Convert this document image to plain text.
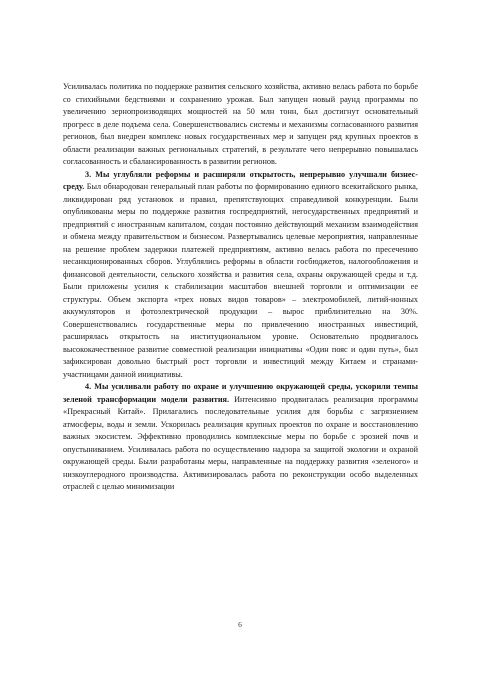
Усиливалась политика по поддержке развития сельского хозяйства, активно велась работа по борьбе со стихийными бедствиями и сохранению урожая. Был запущен новый раунд программы по увеличению зернопроизводящих мощностей на 50 млн тонн, был достигнут основательный прогресс в деле подъема села. Совершенствовались системы и механизмы согласованного развития регионов, был внедрен комплекс новых государственных мер и запущен ряд крупных проектов в области реализации важных региональных стратегий, в результате чего непрерывно повышалась согласованность и сбалансированность в развитии регионов.

3. Мы углубляли реформы и расширяли открытость, непрерывно улучшали бизнес-среду. Был обнародован генеральный план работы по формированию единого всекитайского рынка, ликвидирован ряд установок и правил, препятствующих справедливой конкуренции. Были опубликованы меры по поддержке развития госпредприятий, негосударственных предприятий и предприятий с иностранным капиталом, создан постоянно действующий механизм взаимодействия и обмена между правительством и бизнесом. Развертывались целевые мероприятия, направленные на решение проблем задержки платежей предприятиям, активно велась работа по пресечению несанкционированных сборов. Углублялись реформы в области госбюджетов, налогообложения и финансовой деятельности, сельского хозяйства и развития села, охраны окружающей среды и т.д. Были приложены усилия к стабилизации масштабов внешней торговли и оптимизации ее структуры. Объем экспорта «трех новых видов товаров» – электромобилей, литий-ионных аккумуляторов и фотоэлектрической продукции – вырос приблизительно на 30%. Совершенствовались государственные меры по привлечению иностранных инвестиций, расширялась открытость на институциональном уровне. Основательно продвигалось высококачественное развитие совместной реализации инициативы «Один пояс и один путь», был зафиксирован довольно быстрый рост торговли и инвестиций между Китаем и странами-участницами данной инициативы.

4. Мы усиливали работу по охране и улучшению окружающей среды, ускорили темпы зеленой трансформации модели развития. Интенсивно продвигалась реализация программы «Прекрасный Китай». Прилагались последовательные усилия для борьбы с загрязнением атмосферы, воды и земли. Ускорилась реализация крупных проектов по охране и восстановлению важных экосистем. Эффективно проводились комплексные меры по борьбе с эрозией почв и опустыниванием. Усиливалась работа по осуществлению надзора за защитой экологии и охраной окружающей среды. Были разработаны меры, направленные на поддержку развития «зеленого» и низкоуглеродного производства. Активизировалась работа по реконструкции особо выделенных отраслей с целью минимизации

6
